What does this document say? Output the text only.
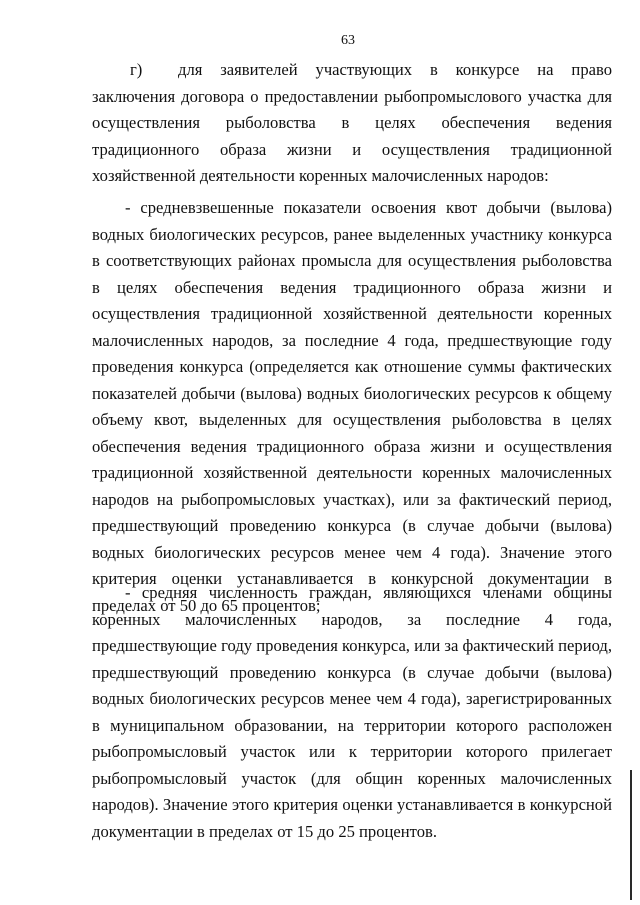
63

г) для заявителей участвующих в конкурсе на право заключения договора о предоставлении рыбопромыслового участка для осуществления рыболовства в целях обеспечения ведения традиционного образа жизни и осуществления традиционной хозяйственной деятельности коренных малочисленных народов:

- средневзвешенные показатели освоения квот добычи (вылова) водных биологических ресурсов, ранее выделенных участнику конкурса в соответствующих районах промысла для осуществления рыболовства в целях обеспечения ведения традиционного образа жизни и осуществления традиционной хозяйственной деятельности коренных малочисленных народов, за последние 4 года, предшествующие году проведения конкурса (определяется как отношение суммы фактических показателей добычи (вылова) водных биологических ресурсов к общему объему квот, выделенных для осуществления рыболовства в целях обеспечения ведения традиционного образа жизни и осуществления традиционной хозяйственной деятельности коренных малочисленных народов на рыбопромысловых участках), или за фактический период, предшествующий проведению конкурса (в случае добычи (вылова) водных биологических ресурсов менее чем 4 года). Значение этого критерия оценки устанавливается в конкурсной документации в пределах от 50 до 65 процентов;

- средняя численность граждан, являющихся членами общины коренных малочисленных народов, за последние 4 года, предшествующие году проведения конкурса, или за фактический период, предшествующий проведению конкурса (в случае добычи (вылова) водных биологических ресурсов менее чем 4 года), зарегистрированных в муниципальном образовании, на территории которого расположен рыбопромысловый участок или к территории которого прилегает рыбопромысловый участок (для общин коренных малочисленных народов). Значение этого критерия оценки устанавливается в конкурсной документации в пределах от 15 до 25 процентов.
